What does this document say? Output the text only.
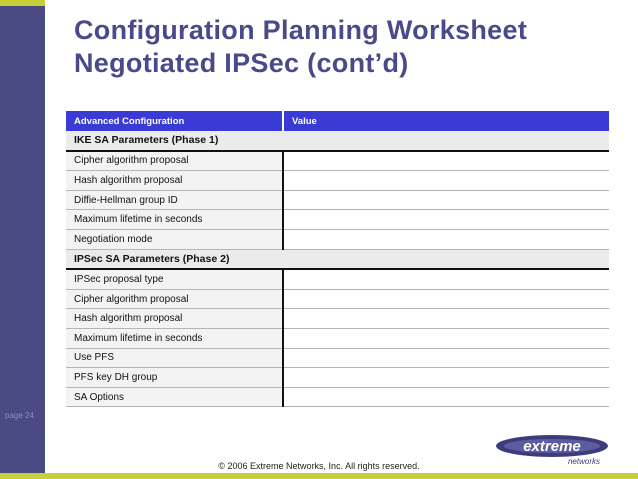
page 24
Configuration Planning Worksheet
Negotiated IPSec (cont’d)
Advanced Configuration	Value
IKE SA Parameters (Phase 1)	
Cipher algorithm proposal	
Hash algorithm proposal	
Diffie-Hellman group ID	
Maximum lifetime in seconds	
Negotiation mode	
IPSec SA Parameters (Phase 2)	
IPSec proposal type	
Cipher algorithm proposal	
Hash algorithm proposal	
Maximum lifetime in seconds	
Use PFS	
PFS key DH group	
SA Options	
extreme
networks
© 2006 Extreme Networks, Inc. All rights reserved.
